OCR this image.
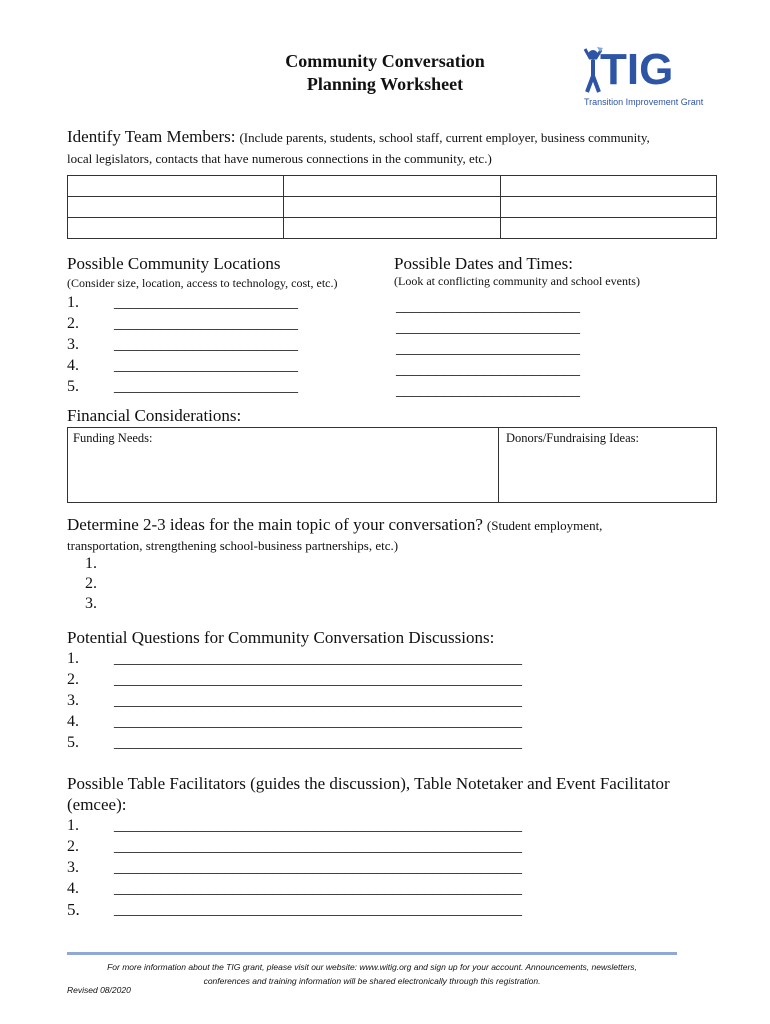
Community Conversation
Planning Worksheet	TIG
Transition Improvement Grant
Identify Team Members: (Include parents, students, school staff, current employer, business community,
local legislators, contacts that have numerous connections in the community, etc.)

Possible Community Locations
(Consider size, location, access to technology, cost, etc.)
1. _______________________
2. _______________________
3. _______________________
4. _______________________
5. _______________________
Possible Dates and Times:
(Look at conflicting community and school events)
_______________________
_______________________
_______________________
_______________________
_______________________
Financial Considerations:
Funding Needs:	Donors/Fundraising Ideas:
Determine 2-3 ideas for the main topic of your conversation? (Student employment,
transportation, strengthening school-business partnerships, etc.)
1.
2.
3.
Potential Questions for Community Conversation Discussions:
1. ___________________________________________________
2. ___________________________________________________
3. ___________________________________________________
4. ___________________________________________________
5. ___________________________________________________
Possible Table Facilitators (guides the discussion), Table Notetaker and Event Facilitator
(emcee):
1. ___________________________________________________
2. ___________________________________________________
3. ___________________________________________________
4. ___________________________________________________
5. ___________________________________________________
For more information about the TIG grant, please visit our website: www.witig.org and sign up for your account. Announcements, newsletters,
conferences and training information will be shared electronically through this registration.
Revised 08/2020
